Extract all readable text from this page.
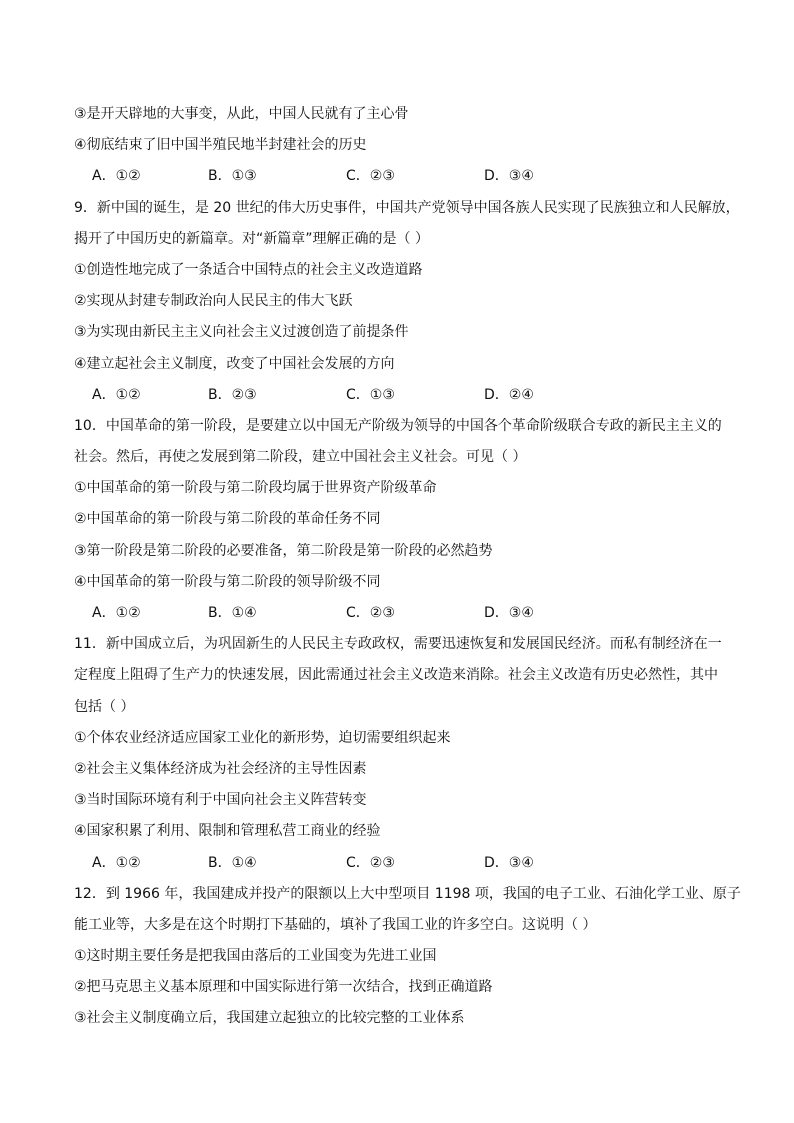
③是开天辟地的大事变，从此，中国人民就有了主心骨
④彻底结束了旧中国半殖民地半封建社会的历史
A．①②	B．①③	C．②③	D．③④
9．新中国的诞生，是 20 世纪的伟大历史事件，中国共产党领导中国各族人民实现了民族独立和人民解放，
揭开了中国历史的新篇章。对“新篇章”理解正确的是（ ）
①创造性地完成了一条适合中国特点的社会主义改造道路
②实现从封建专制政治向人民民主的伟大飞跃
③为实现由新民主主义向社会主义过渡创造了前提条件
④建立起社会主义制度，改变了中国社会发展的方向
A．①②	B．②③	C．①③	D．②④
10．中国革命的第一阶段，是要建立以中国无产阶级为领导的中国各个革命阶级联合专政的新民主主义的
社会。然后，再使之发展到第二阶段，建立中国社会主义社会。可见（ ）
①中国革命的第一阶段与第二阶段均属于世界资产阶级革命
②中国革命的第一阶段与第二阶段的革命任务不同
③第一阶段是第二阶段的必要准备，第二阶段是第一阶段的必然趋势
④中国革命的第一阶段与第二阶段的领导阶级不同
A．①②	B．①④	C．②③	D．③④
11．新中国成立后，为巩固新生的人民民主专政政权，需要迅速恢复和发展国民经济。而私有制经济在一
定程度上阻碍了生产力的快速发展，因此需通过社会主义改造来消除。社会主义改造有历史必然性，其中
包括（ ）
①个体农业经济适应国家工业化的新形势，迫切需要组织起来
②社会主义集体经济成为社会经济的主导性因素
③当时国际环境有利于中国向社会主义阵营转变
④国家积累了利用、限制和管理私营工商业的经验
A．①②	B．①④	C．②③	D．③④
12．到 1966 年，我国建成并投产的限额以上大中型项目 1198 项，我国的电子工业、石油化学工业、原子
能工业等，大多是在这个时期打下基础的，填补了我国工业的许多空白。这说明（ ）
①这时期主要任务是把我国由落后的工业国变为先进工业国
②把马克思主义基本原理和中国实际进行第一次结合，找到正确道路
③社会主义制度确立后，我国建立起独立的比较完整的工业体系
